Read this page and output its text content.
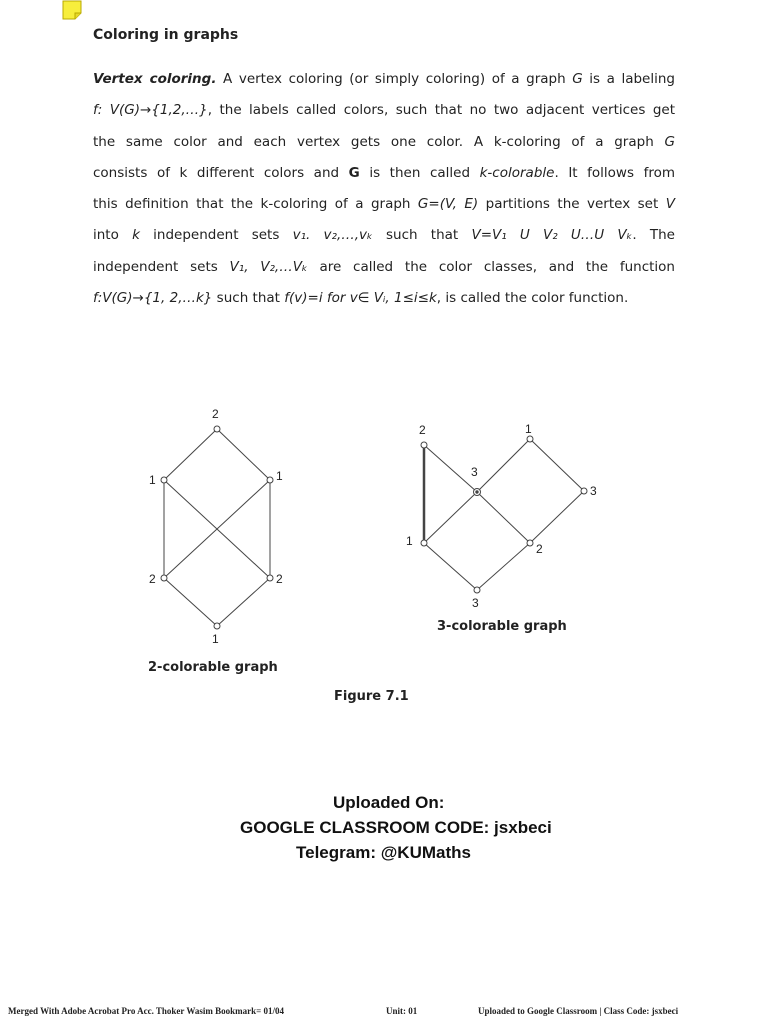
Coloring in graphs
Vertex coloring. A vertex coloring (or simply coloring) of a graph G is a labeling
f: V(G)→{1,2,…}, the labels called colors, such that no two adjacent vertices get
the same color and each vertex gets one color. A k-coloring of a graph G
consists of k different colors and G is then called k-colorable. It follows from
this definition that the k-coloring of a graph G=(V, E) partitions the vertex set V
into k independent sets v₁. v₂,…,vₖ such that V=V₁ U V₂ U…U Vₖ. The
independent sets V₁, V₂,…Vₖ are called the color classes, and the function
f:V(G)→{1, 2,…k} such that f(v)=i for v∈ Vᵢ, 1≤i≤k, is called the color function.
2
1	1
2	2
1
2	1
3
3
1
2
3
3-colorable graph
2-colorable graph
Figure 7.1
Uploaded On:
GOOGLE CLASSROOM CODE: jsxbeci
Telegram: @KUMaths
Merged With Adobe Acrobat Pro Acc. Thoker Wasim Bookmark= 01/04	Unit: 01	Uploaded to Google Classroom | Class Code: jsxbeci
